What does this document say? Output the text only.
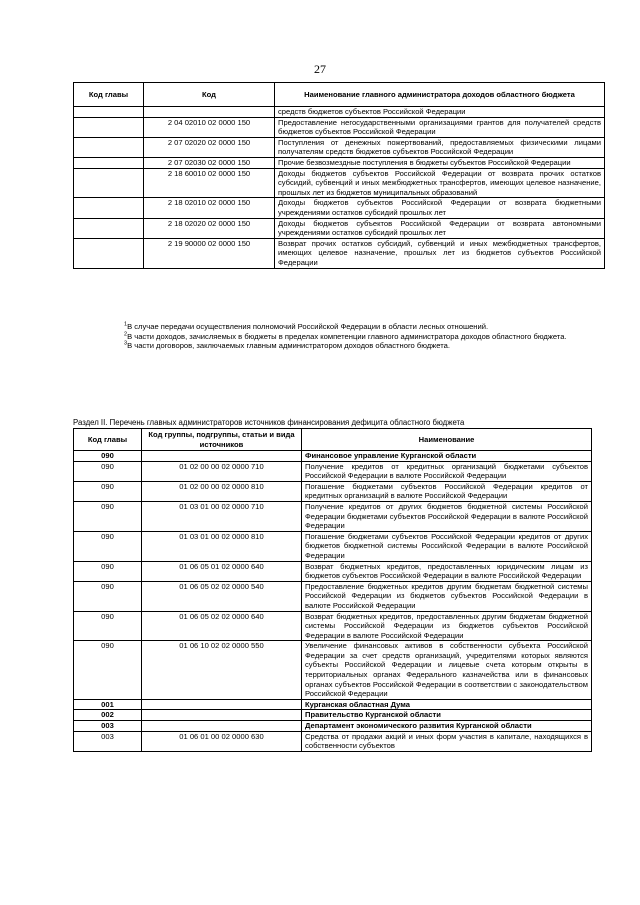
27
Код главы	Код	Наименование главного администратора доходов областного бюджета
		средств бюджетов субъектов Российской Федерации
	2 04 02010 02 0000 150	Предоставление негосударственными организациями грантов для получателей средств бюджетов субъектов Российской Федерации
	2 07 02020 02 0000 150	Поступления от денежных пожертвований, предоставляемых физическими лицами получателям средств бюджетов субъектов Российской Федерации
	2 07 02030 02 0000 150	Прочие безвозмездные поступления в бюджеты субъектов Российской Федерации
	2 18 60010 02 0000 150	Доходы бюджетов субъектов Российской Федерации от возврата прочих остатков субсидий, субвенций и иных межбюджетных трансфертов, имеющих целевое назначение, прошлых лет из бюджетов муниципальных образований
	2 18 02010 02 0000 150	Доходы бюджетов субъектов Российской Федерации от возврата бюджетными учреждениями остатков субсидий прошлых лет
	2 18 02020 02 0000 150	Доходы бюджетов субъектов Российской Федерации от возврата автономными учреждениями остатков субсидий прошлых лет
	2 19 90000 02 0000 150	Возврат прочих остатков субсидий, субвенций и иных межбюджетных трансфертов, имеющих целевое назначение, прошлых лет из бюджетов субъектов Российской Федерации
$^1$В случае передачи осуществления полномочий Российской Федерации в области лесных отношений.
$^2$В части доходов, зачисляемых в бюджеты в пределах компетенции главного администратора доходов областного бюджета.
$^3$В части договоров, заключаемых главным администратором доходов областного бюджета.
Раздел II. Перечень главных администраторов источников финансирования дефицита областного бюджета
Код главы	Код группы, подгруппы, статьи и вида источников	Наименование
090		Финансовое управление Курганской области
090	01 02 00 00 02 0000 710	Получение кредитов от кредитных организаций бюджетами субъектов Российской Федерации в валюте Российской Федерации
090	01 02 00 00 02 0000 810	Погашение бюджетами субъектов Российской Федерации кредитов от кредитных организаций в валюте Российской Федерации
090	01 03 01 00 02 0000 710	Получение кредитов от других бюджетов бюджетной системы Российской Федерации бюджетами субъектов Российской Федерации в валюте Российской Федерации
090	01 03 01 00 02 0000 810	Погашение бюджетами субъектов Российской Федерации кредитов от других бюджетов бюджетной системы Российской Федерации в валюте Российской Федерации
090	01 06 05 01 02 0000 640	Возврат бюджетных кредитов, предоставленных юридическим лицам из бюджетов субъектов Российской Федерации в валюте Российской Федерации
090	01 06 05 02 02 0000 540	Предоставление бюджетных кредитов другим бюджетам бюджетной системы Российской Федерации из бюджетов субъектов Российской Федерации в валюте Российской Федерации
090	01 06 05 02 02 0000 640	Возврат бюджетных кредитов, предоставленных другим бюджетам бюджетной системы Российской Федерации из бюджетов субъектов Российской Федерации в валюте Российской Федерации
090	01 06 10 02 02 0000 550	Увеличение финансовых активов в собственности субъекта Российской Федерации за счет средств организаций, учредителями которых являются субъекты Российской Федерации и лицевые счета которым открыты в территориальных органах Федерального казначейства или в финансовых органах субъектов Российской Федерации в соответствии с законодательством Российской Федерации
001		Курганская областная Дума
002		Правительство Курганской области
003		Департамент экономического развития Курганской области
003	01 06 01 00 02 0000 630	Средства от продажи акций и иных форм участия в капитале, находящихся в собственности субъектов
